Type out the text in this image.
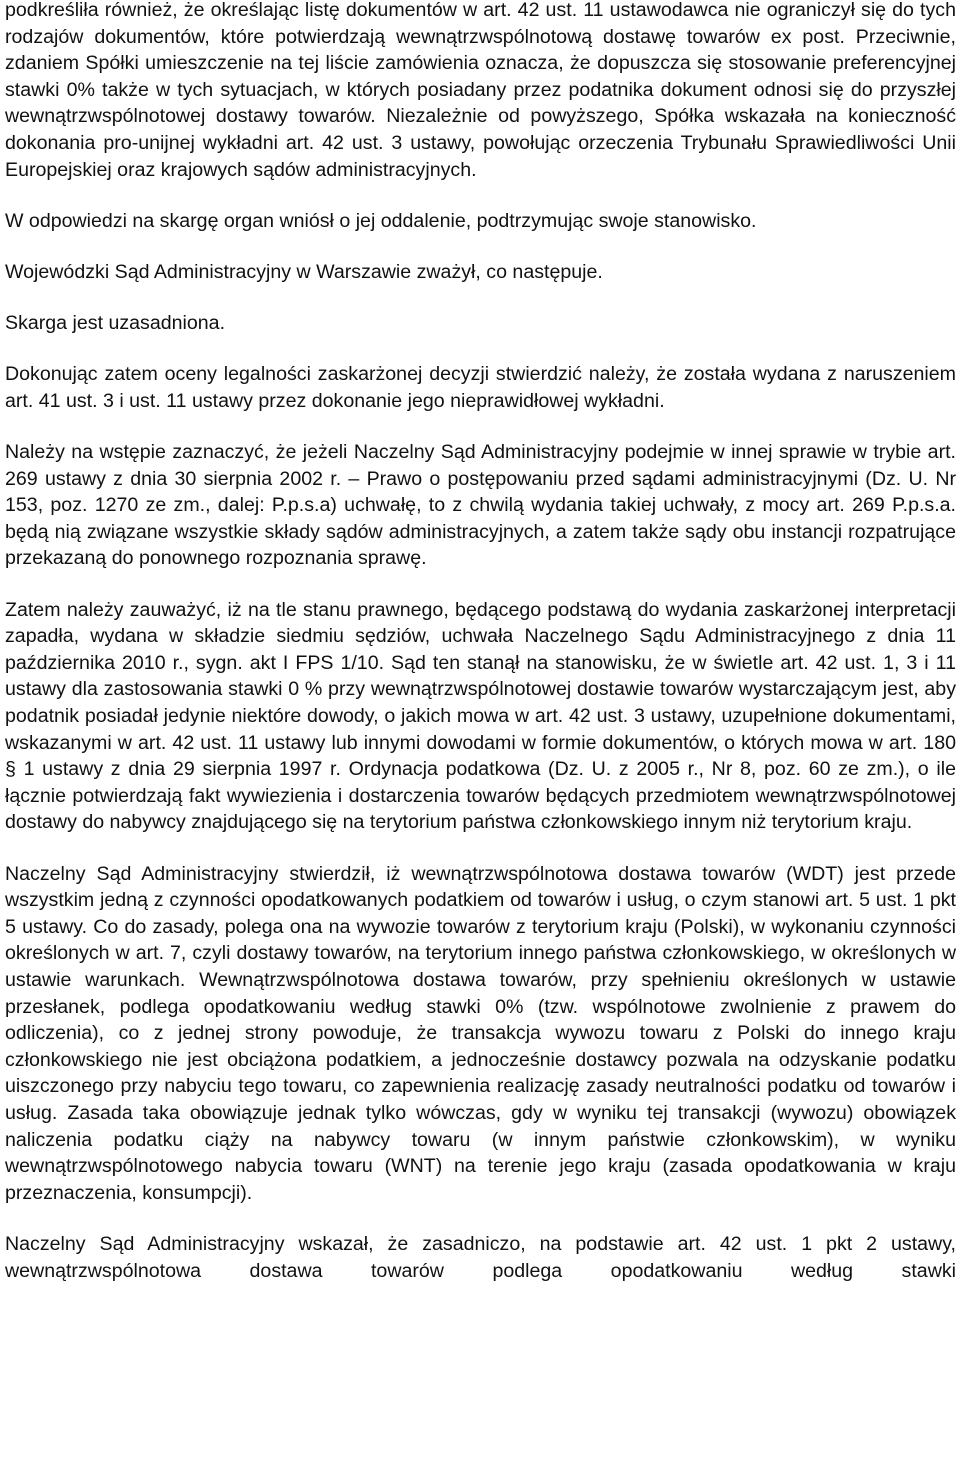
podkreśliła również, że określając listę dokumentów w art. 42 ust. 11 ustawodawca nie ograniczył się do tych rodzajów dokumentów, które potwierdzają wewnątrzwspólnotową dostawę towarów ex post. Przeciwnie, zdaniem Spółki umieszczenie na tej liście zamówienia oznacza, że dopuszcza się stosowanie preferencyjnej stawki 0% także w tych sytuacjach, w których posiadany przez podatnika dokument odnosi się do przyszłej wewnątrzwspólnotowej dostawy towarów. Niezależnie od powyższego, Spółka wskazała na konieczność dokonania pro-unijnej wykładni art. 42 ust. 3 ustawy, powołując orzeczenia Trybunału Sprawiedliwości Unii Europejskiej oraz krajowych sądów administracyjnych.

W odpowiedzi na skargę organ wniósł o jej oddalenie, podtrzymując swoje stanowisko.

Wojewódzki Sąd Administracyjny w Warszawie zważył, co następuje.

Skarga jest uzasadniona.

Dokonując zatem oceny legalności zaskarżonej decyzji stwierdzić należy, że została wydana z naruszeniem art. 41 ust. 3 i ust. 11 ustawy przez dokonanie jego nieprawidłowej wykładni.

Należy na wstępie zaznaczyć, że jeżeli Naczelny Sąd Administracyjny podejmie w innej sprawie w trybie art. 269 ustawy z dnia 30 sierpnia 2002 r. – Prawo o postępowaniu przed sądami administracyjnymi (Dz. U. Nr 153, poz. 1270 ze zm., dalej: P.p.s.a) uchwałę, to z chwilą wydania takiej uchwały, z mocy art. 269 P.p.s.a. będą nią związane wszystkie składy sądów administracyjnych, a zatem także sądy obu instancji rozpatrujące przekazaną do ponownego rozpoznania sprawę.

Zatem należy zauważyć, iż na tle stanu prawnego, będącego podstawą do wydania zaskarżonej interpretacji zapadła, wydana w składzie siedmiu sędziów, uchwała Naczelnego Sądu Administracyjnego z dnia 11 października 2010 r., sygn. akt I FPS 1/10. Sąd ten stanął na stanowisku, że w świetle art. 42 ust. 1, 3 i 11 ustawy dla zastosowania stawki 0 % przy wewnątrzwspólnotowej dostawie towarów wystarczającym jest, aby podatnik posiadał jedynie niektóre dowody, o jakich mowa w art. 42 ust. 3 ustawy, uzupełnione dokumentami, wskazanymi w art. 42 ust. 11 ustawy lub innymi dowodami w formie dokumentów, o których mowa w art. 180 § 1 ustawy z dnia 29 sierpnia 1997 r. Ordynacja podatkowa (Dz. U. z 2005 r., Nr 8, poz. 60 ze zm.), o ile łącznie potwierdzają fakt wywiezienia i dostarczenia towarów będących przedmiotem wewnątrzwspólnotowej dostawy do nabywcy znajdującego się na terytorium państwa członkowskiego innym niż terytorium kraju.

Naczelny Sąd Administracyjny stwierdził, iż wewnątrzwspólnotowa dostawa towarów (WDT) jest przede wszystkim jedną z czynności opodatkowanych podatkiem od towarów i usług, o czym stanowi art. 5 ust. 1 pkt 5 ustawy. Co do zasady, polega ona na wywozie towarów z terytorium kraju (Polski), w wykonaniu czynności określonych w art. 7, czyli dostawy towarów, na terytorium innego państwa członkowskiego, w określonych w ustawie warunkach. Wewnątrzwspólnotowa dostawa towarów, przy spełnieniu określonych w ustawie przesłanek, podlega opodatkowaniu według stawki 0% (tzw. wspólnotowe zwolnienie z prawem do odliczenia), co z jednej strony powoduje, że transakcja wywozu towaru z Polski do innego kraju członkowskiego nie jest obciążona podatkiem, a jednocześnie dostawcy pozwala na odzyskanie podatku uiszczonego przy nabyciu tego towaru, co zapewnienia realizację zasady neutralności podatku od towarów i usług. Zasada taka obowiązuje jednak tylko wówczas, gdy w wyniku tej transakcji (wywozu) obowiązek naliczenia podatku ciąży na nabywcy towaru (w innym państwie członkowskim), w wyniku wewnątrzwspólnotowego nabycia towaru (WNT) na terenie jego kraju (zasada opodatkowania w kraju przeznaczenia, konsumpcji).

Naczelny Sąd Administracyjny wskazał, że zasadniczo, na podstawie art. 42 ust. 1 pkt 2 ustawy, wewnątrzwspólnotowa dostawa towarów podlega opodatkowaniu według stawki
